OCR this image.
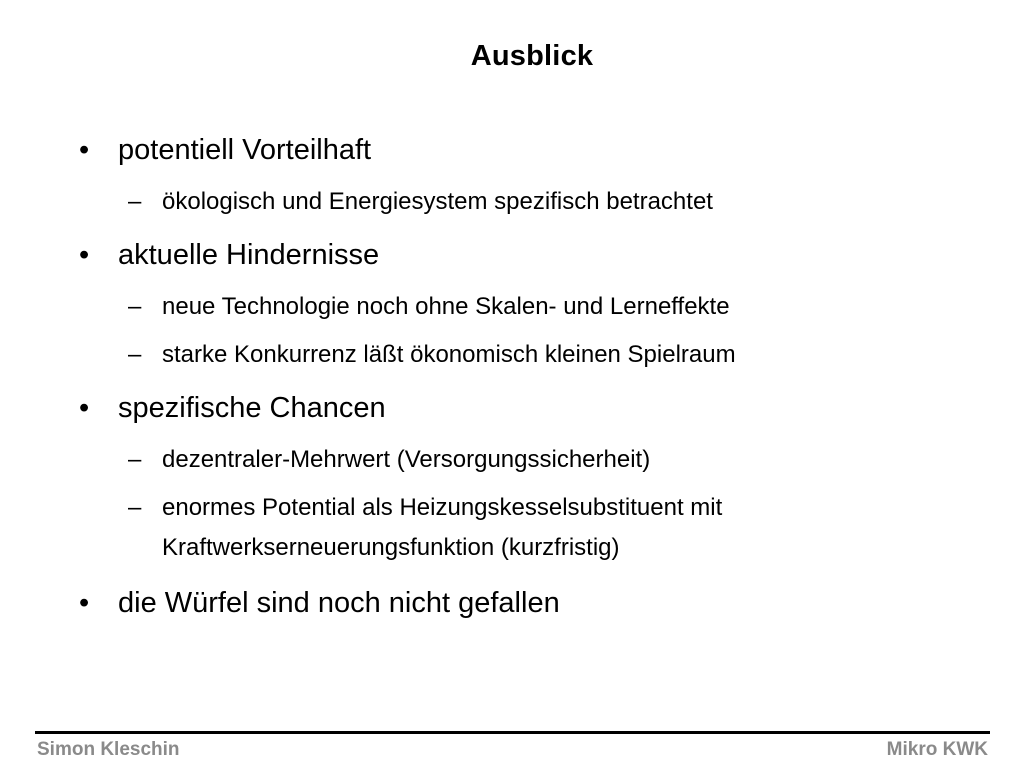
Ausblick
• potentiell Vorteilhaft
– ökologisch und Energiesystem spezifisch betrachtet
• aktuelle Hindernisse
– neue Technologie noch ohne Skalen- und Lerneffekte
– starke Konkurrenz läßt ökonomisch kleinen Spielraum
• spezifische Chancen
– dezentraler-Mehrwert (Versorgungssicherheit)
– enormes Potential als Heizungskesselsubstituent mit Kraftwerkserneuerungsfunktion (kurzfristig)
• die Würfel sind noch nicht gefallen
Simon Kleschin	Mikro KWK
